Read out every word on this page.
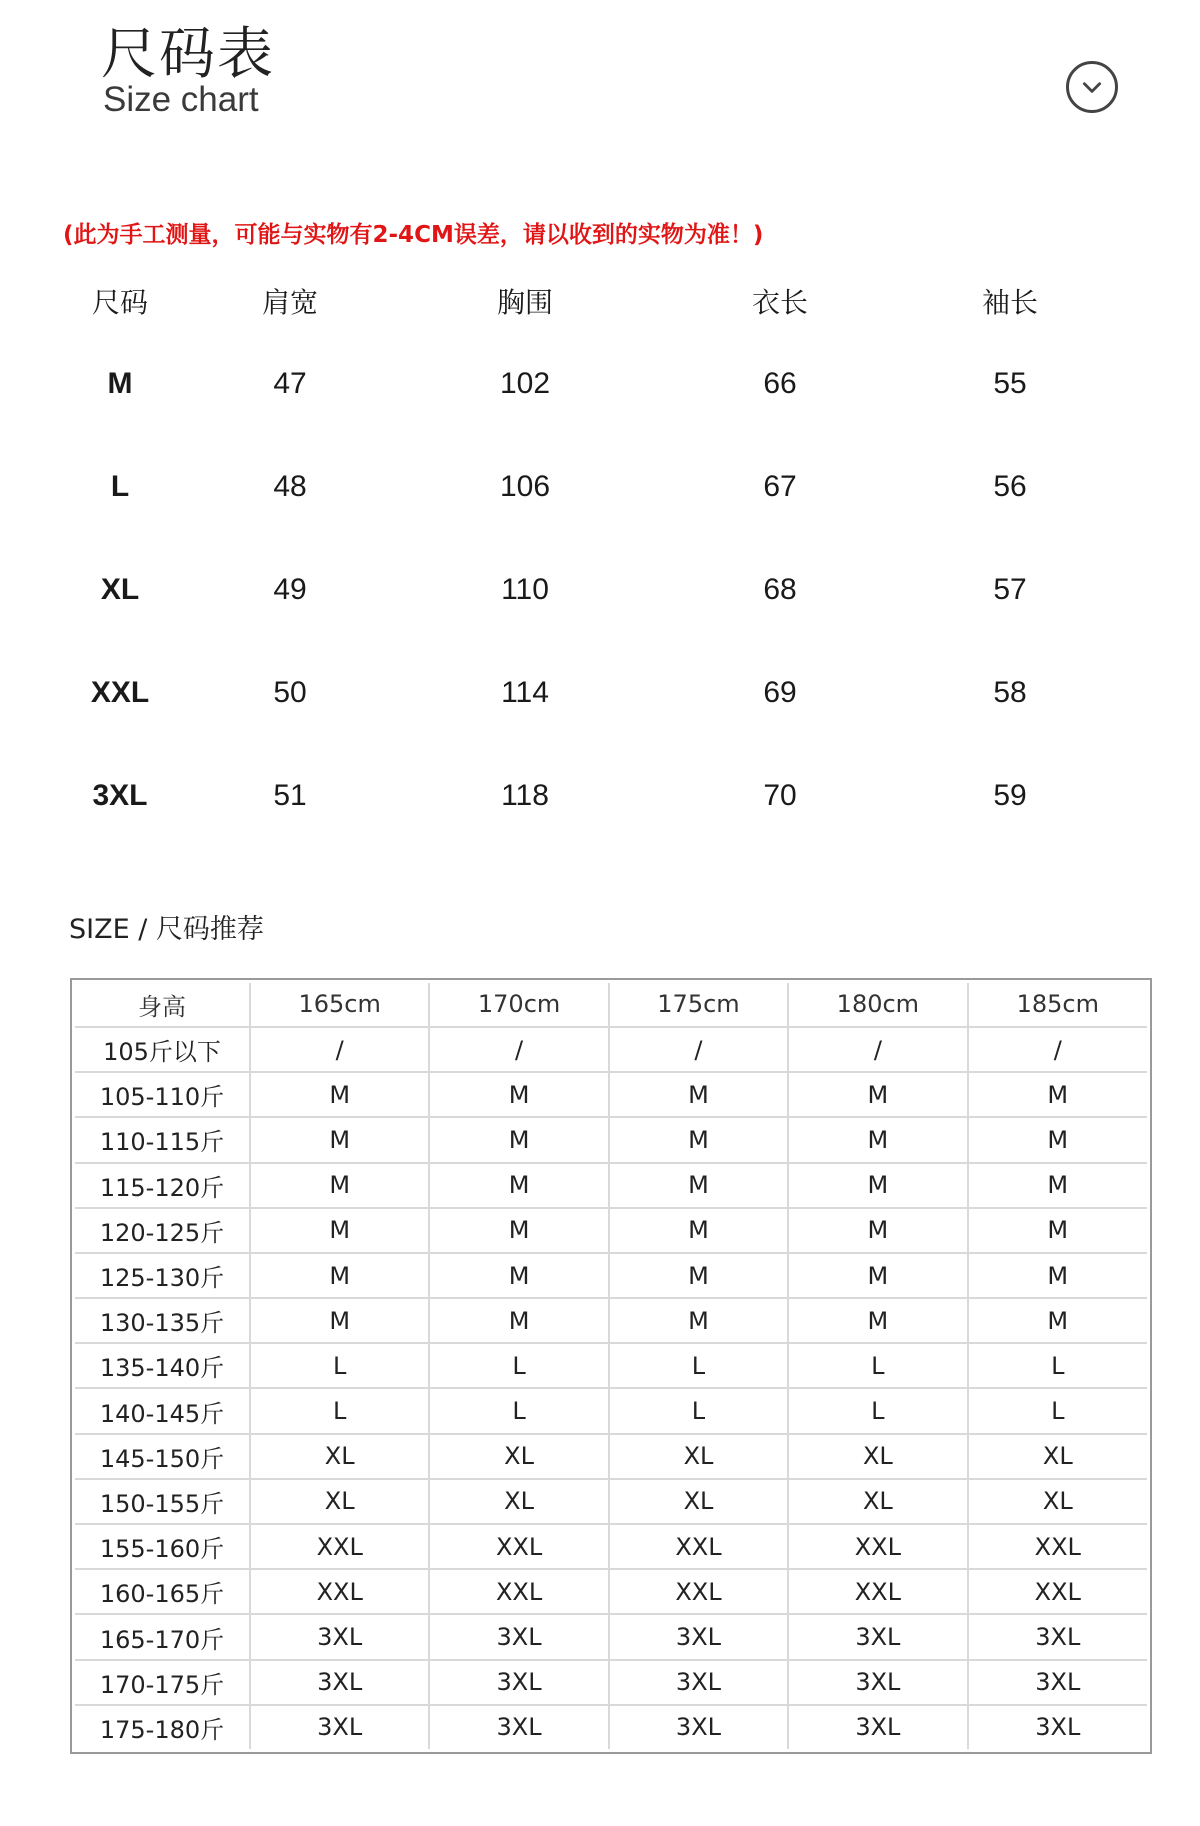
尺码表
Size chart
(此为手工测量，可能与实物有2-4CM误差，请以收到的实物为准！)
尺码	肩宽	胸围	衣长	袖长
M	47	102	66	55
L	48	106	67	56
XL	49	110	68	57
XXL	50	114	69	58
3XL	51	118	70	59
SIZE / 尺码推荐
身高	165cm	170cm	175cm	180cm	185cm
105斤以下	/	/	/	/	/
105-110斤	M	M	M	M	M
110-115斤	M	M	M	M	M
115-120斤	M	M	M	M	M
120-125斤	M	M	M	M	M
125-130斤	M	M	M	M	M
130-135斤	M	M	M	M	M
135-140斤	L	L	L	L	L
140-145斤	L	L	L	L	L
145-150斤	XL	XL	XL	XL	XL
150-155斤	XL	XL	XL	XL	XL
155-160斤	XXL	XXL	XXL	XXL	XXL
160-165斤	XXL	XXL	XXL	XXL	XXL
165-170斤	3XL	3XL	3XL	3XL	3XL
170-175斤	3XL	3XL	3XL	3XL	3XL
175-180斤	3XL	3XL	3XL	3XL	3XL
